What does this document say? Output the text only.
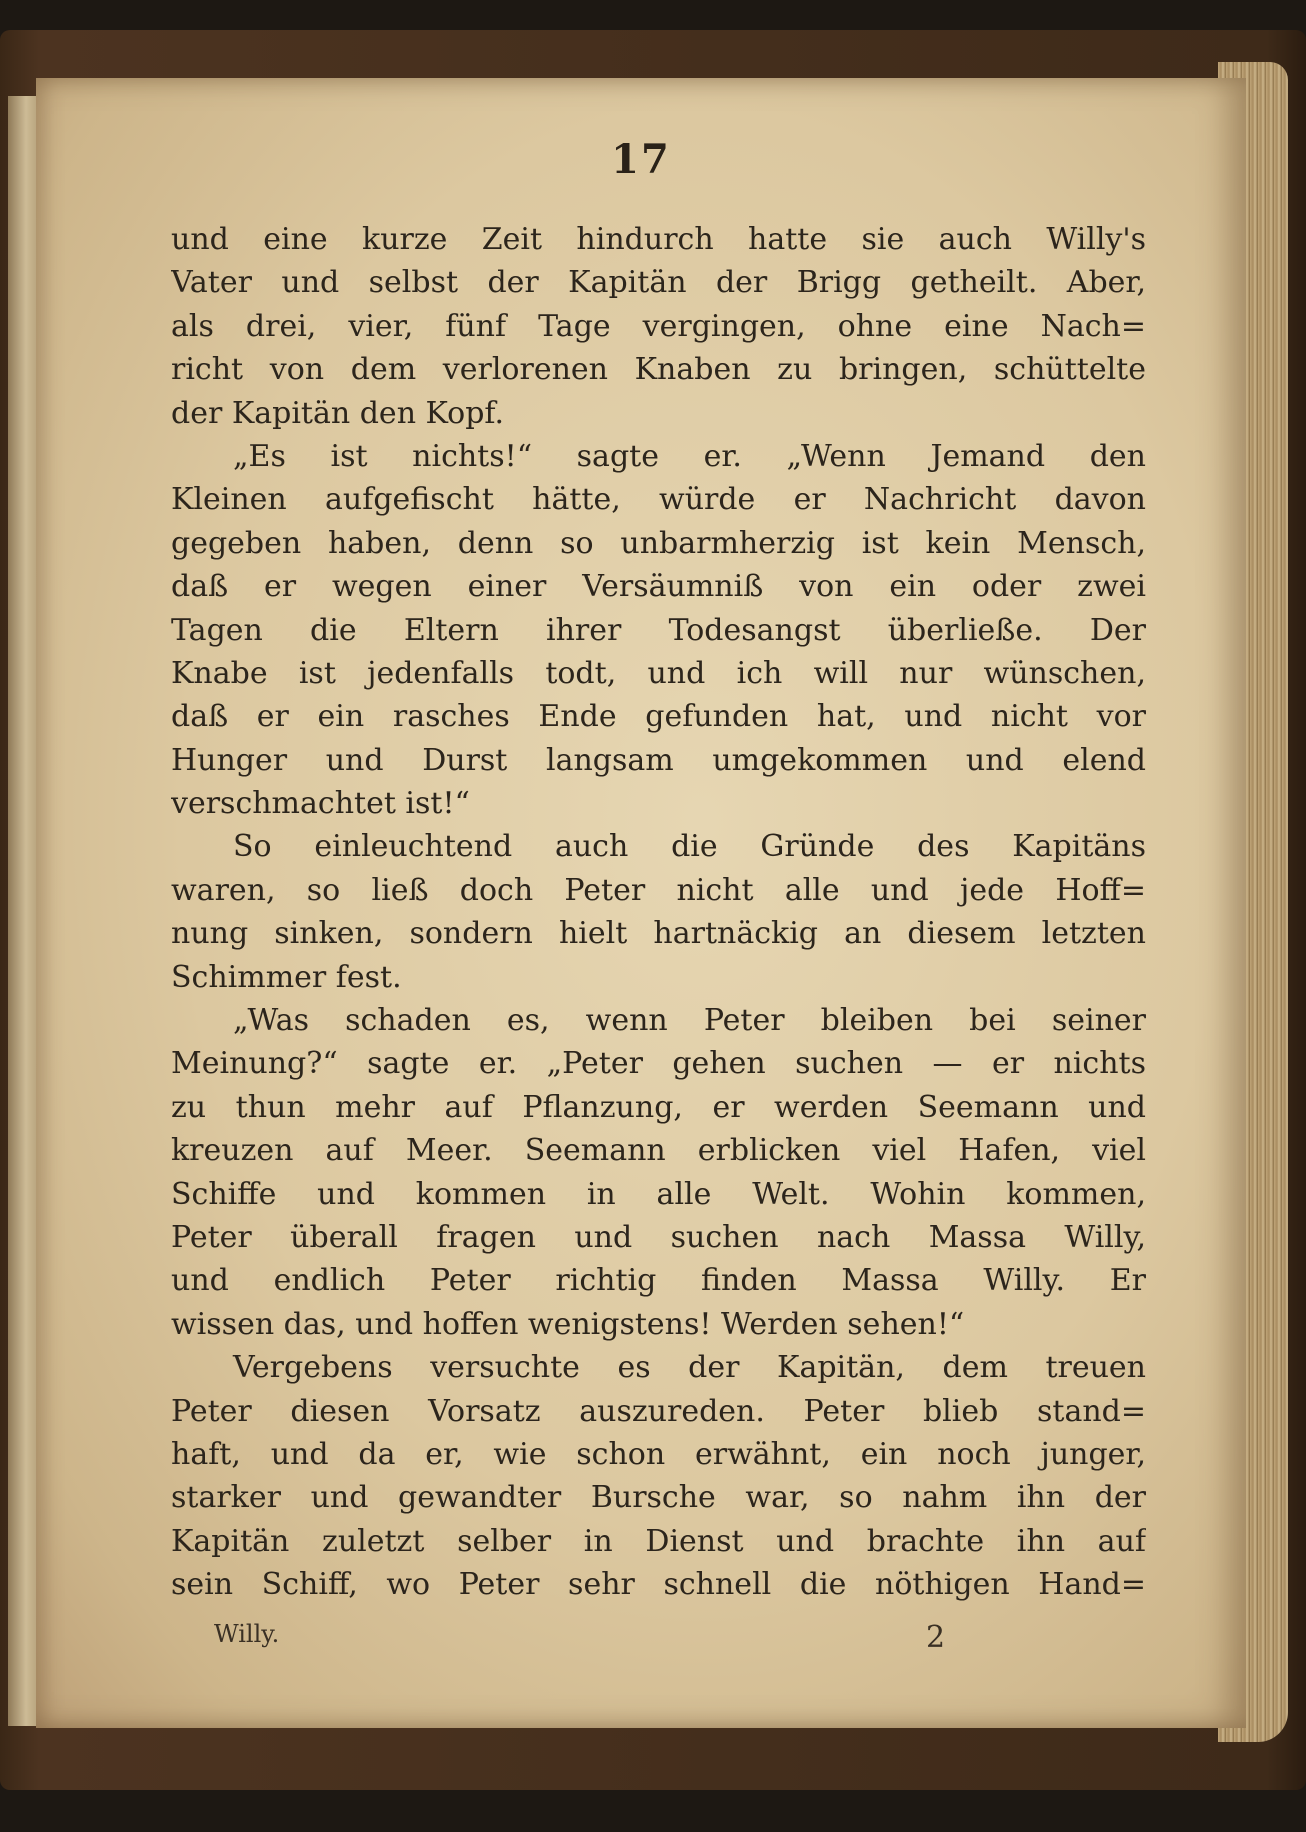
17
und eine kurze Zeit hindurch hatte sie auch Willy's
Vater und selbst der Kapitän der Brigg getheilt. Aber,
als drei, vier, fünf Tage vergingen, ohne eine Nach=
richt von dem verlorenen Knaben zu bringen, schüttelte
der Kapitän den Kopf.
„Es ist nichts!“ sagte er. „Wenn Jemand den
Kleinen aufgefischt hätte, würde er Nachricht davon
gegeben haben, denn so unbarmherzig ist kein Mensch,
daß er wegen einer Versäumniß von ein oder zwei
Tagen die Eltern ihrer Todesangst überließe. Der
Knabe ist jedenfalls todt, und ich will nur wünschen,
daß er ein rasches Ende gefunden hat, und nicht vor
Hunger und Durst langsam umgekommen und elend
verschmachtet ist!“
So einleuchtend auch die Gründe des Kapitäns
waren, so ließ doch Peter nicht alle und jede Hoff=
nung sinken, sondern hielt hartnäckig an diesem letzten
Schimmer fest.
„Was schaden es, wenn Peter bleiben bei seiner
Meinung?“ sagte er. „Peter gehen suchen — er nichts
zu thun mehr auf Pflanzung, er werden Seemann und
kreuzen auf Meer. Seemann erblicken viel Hafen, viel
Schiffe und kommen in alle Welt. Wohin kommen,
Peter überall fragen und suchen nach Massa Willy,
und endlich Peter richtig finden Massa Willy. Er
wissen das, und hoffen wenigstens! Werden sehen!“
Vergebens versuchte es der Kapitän, dem treuen
Peter diesen Vorsatz auszureden. Peter blieb stand=
haft, und da er, wie schon erwähnt, ein noch junger,
starker und gewandter Bursche war, so nahm ihn der
Kapitän zuletzt selber in Dienst und brachte ihn auf
sein Schiff, wo Peter sehr schnell die nöthigen Hand=
Willy.	2
